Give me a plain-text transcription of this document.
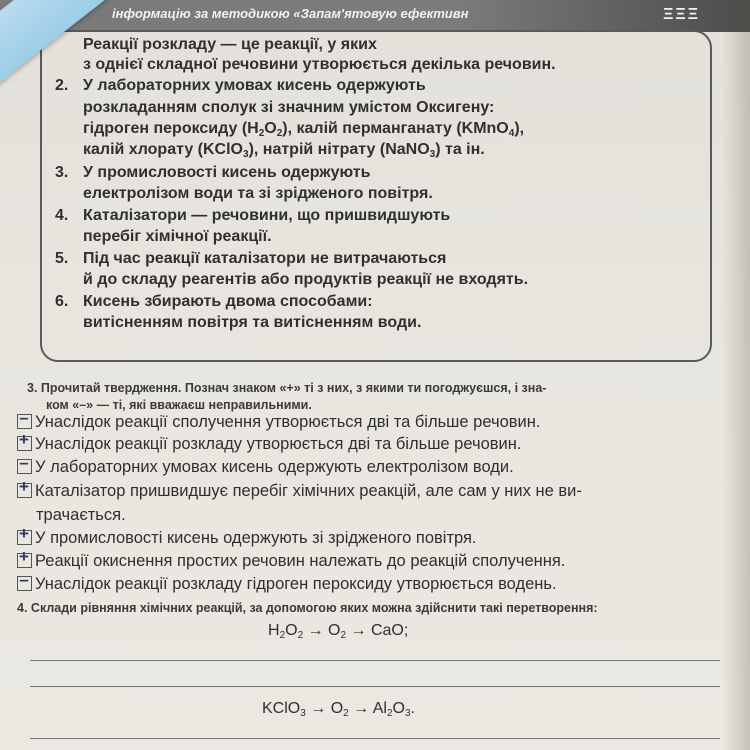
інформацію за методикою «Запам'ятовую ефективн	ΞΞΞ
Реакції розкладу — це реакції, у яких
з однієї складної речовини утворюється декілька речовин.
2. У лабораторних умовах кисень одержують
розкладанням сполук зі значним умістом Оксигену:
гідроген пероксиду $(H_2O_2)$, калій перманганату (KMnO$_4$),
калій хлорату (KClO$_3$), натрій нітрату (NaNO$_3$) та ін.
3. У промисловості кисень одержують
електролізом води та зі зрідженого повітря.
4. Каталізатори — речовини, що пришвидшують
перебіг хімічної реакції.
5. Під час реакції каталізатори не витрачаються
й до складу реагентів або продуктів реакції не входять.
6. Кисень збирають двома способами:
витісненням повітря та витісненням води.
3. Прочитай твердження. Познач знаком «+» ті з них, з якими ти погоджуєшся, і зна-
ком «–» — ті, які вважаєш неправильними.
– Унаслідок реакції сполучення утворюється дві та більше речовин.
+ Унаслідок реакції розкладу утворюється дві та більше речовин.
– У лабораторних умовах кисень одержують електролізом води.
+ Каталізатор пришвидшує перебіг хімічних реакцій, але сам у них не ви-
трачається.
+ У промисловості кисень одержують зі зрідженого повітря.
+ Реакції окиснення простих речовин належать до реакцій сполучення.
– Унаслідок реакції розкладу гідроген пероксиду утворюється водень.
4. Склади рівняння хімічних реакцій, за допомогою яких можна здійснити такі перетворення:
$H_2O_2 \to O_2$ → CaO;
KClO$_3$ → $O_2 \to Al_2O_3$.
